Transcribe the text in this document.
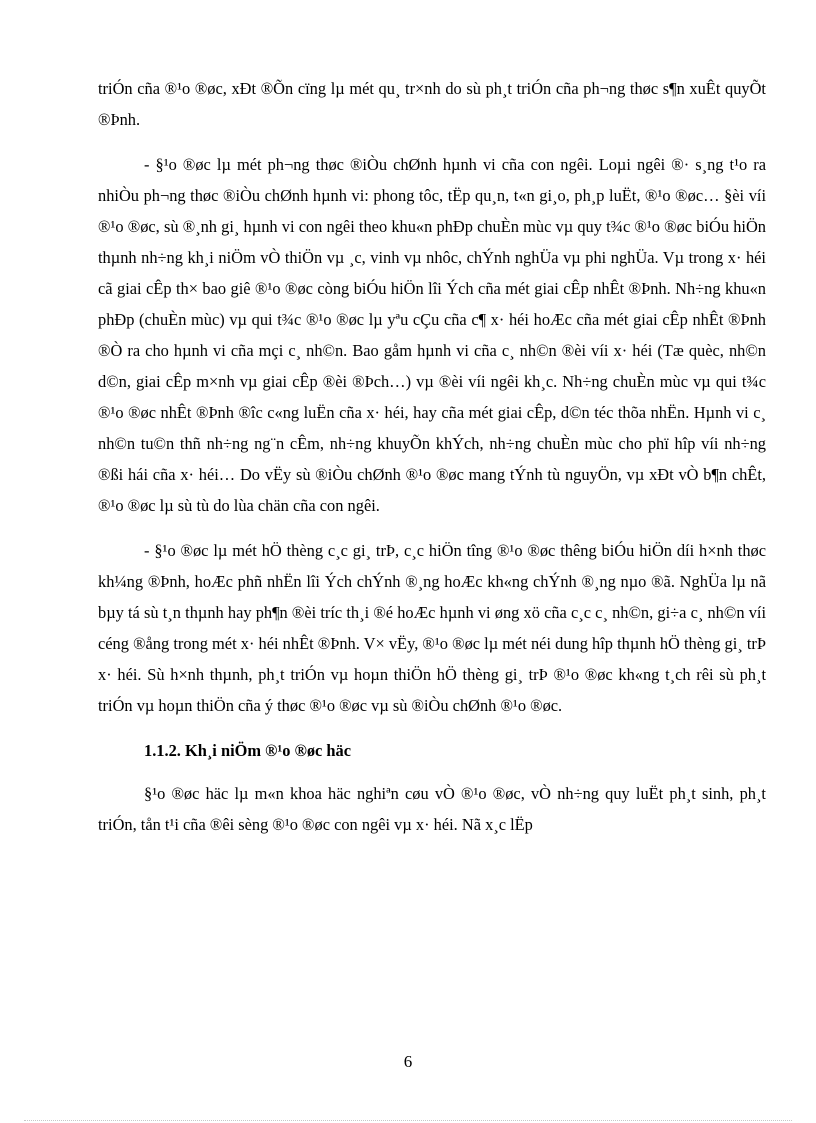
triÓn cña ®¹o ®øc, xÐt ®Õn cïng lµ mét qu¸ tr×nh do sù ph¸t triÓn cña ph¬ng thøc s¶n xuÊt quyÕt ®Þnh.

- §¹o ®øc lµ mét ph¬ng thøc ®iÒu chØnh hµnh vi cña con ngêi. Loµi ngêi ®· s¸ng t¹o ra nhiÒu ph¬ng thøc ®iÒu chØnh hµnh vi: phong tôc, tËp qu¸n, t«n gi¸o, ph¸p luËt, ®¹o ®øc… §èi víi ®¹o ®øc, sù ®¸nh gi¸ hµnh vi con ngêi theo khu«n phÐp chuÈn mùc vµ quy t¾c ®¹o ®øc biÓu hiÖn thµnh nh÷ng kh¸i niÖm vÒ thiÖn vµ ¸c, vinh vµ nhôc, chÝnh nghÜa vµ phi nghÜa. Vµ trong x· héi cã giai cÊp th× bao giê ®¹o ®øc còng biÓu hiÖn lîi Ých cña mét giai cÊp nhÊt ®Þnh. Nh÷ng khu«n phÐp (chuÈn mùc) vµ qui t¾c ®¹o ®øc lµ yªu cÇu cña c¶ x· héi hoÆc cña mét giai cÊp nhÊt ®Þnh ®Ò ra cho hµnh vi cña mçi c¸ nh©n. Bao gåm hµnh vi cña c¸ nh©n ®èi víi x· héi (Tæ quèc, nh©n d©n, giai cÊp m×nh vµ giai cÊp ®èi ®Þch…) vµ ®èi víi ngêi kh¸c. Nh÷ng chuÈn mùc vµ qui t¾c ®¹o ®øc nhÊt ®Þnh ®îc c«ng luËn cña x· héi, hay cña mét giai cÊp, d©n téc thõa nhËn. Hµnh vi c¸ nh©n tu©n thñ nh÷ng ng¨n cÊm, nh÷ng khuyÕn khÝch, nh÷ng chuÈn mùc cho phï hîp víi nh÷ng ®ßi hái cña x· héi… Do vËy sù ®iÒu chØnh ®¹o ®øc mang tÝnh tù nguyÖn, vµ xÐt vÒ b¶n chÊt, ®¹o ®øc lµ sù tù do lùa chän cña con ngêi.

- §¹o ®øc lµ mét hÖ thèng c¸c gi¸ trÞ, c¸c hiÖn tîng ®¹o ®øc thêng biÓu hiÖn díi h×nh thøc kh¼ng ®Þnh, hoÆc phñ nhËn lîi Ých chÝnh ®¸ng hoÆc kh«ng chÝnh ®¸ng nµo ®ã. NghÜa lµ nã bµy tá sù t¸n thµnh hay ph¶n ®èi tríc th¸i ®é hoÆc hµnh vi øng xö cña c¸c c¸ nh©n, gi÷a c¸ nh©n víi céng ®ång trong mét x· héi nhÊt ®Þnh. V× vËy, ®¹o ®øc lµ mét néi dung hîp thµnh hÖ thèng gi¸ trÞ x· héi. Sù h×nh thµnh, ph¸t triÓn vµ hoµn thiÖn hÖ thèng gi¸ trÞ ®¹o ®øc kh«ng t¸ch rêi sù ph¸t triÓn vµ hoµn thiÖn cña ý thøc ®¹o ®øc vµ sù ®iÒu chØnh ®¹o ®øc.

1.1.2. Kh¸i niÖm ®¹o ®øc häc

§¹o ®øc häc lµ m«n khoa häc nghiªn cøu vÒ ®¹o ®øc, vÒ nh÷ng quy luËt ph¸t sinh, ph¸t triÓn, tån t¹i cña ®êi sèng ®¹o ®øc con ngêi vµ x· héi. Nã x¸c lËp

6
